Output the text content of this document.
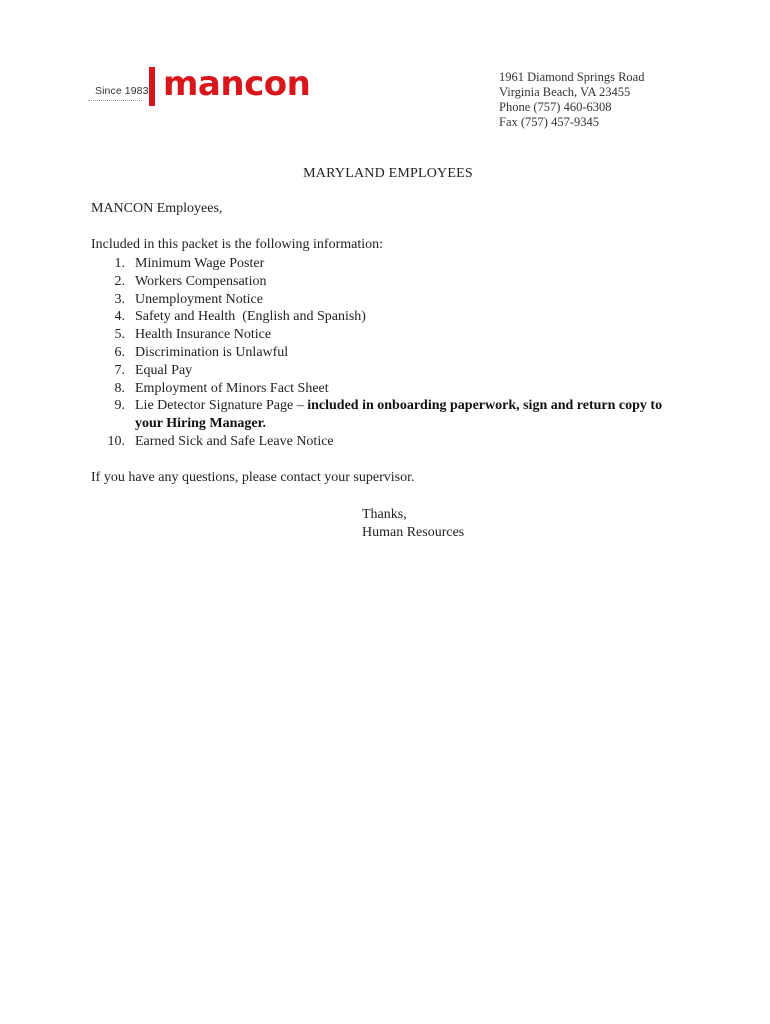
Since 1983 mancon	1961 Diamond Springs Road
Virginia Beach, VA 23455
Phone (757) 460-6308
Fax (757) 457-9345
MARYLAND EMPLOYEES
MANCON Employees,
Included in this packet is the following information:
1. Minimum Wage Poster
2. Workers Compensation
3. Unemployment Notice
4. Safety and Health  (English and Spanish)
5. Health Insurance Notice
6. Discrimination is Unlawful
7. Equal Pay
8. Employment of Minors Fact Sheet
9. Lie Detector Signature Page – included in onboarding paperwork, sign and return copy to your Hiring Manager.
10. Earned Sick and Safe Leave Notice
If you have any questions, please contact your supervisor.
Thanks,
Human Resources
